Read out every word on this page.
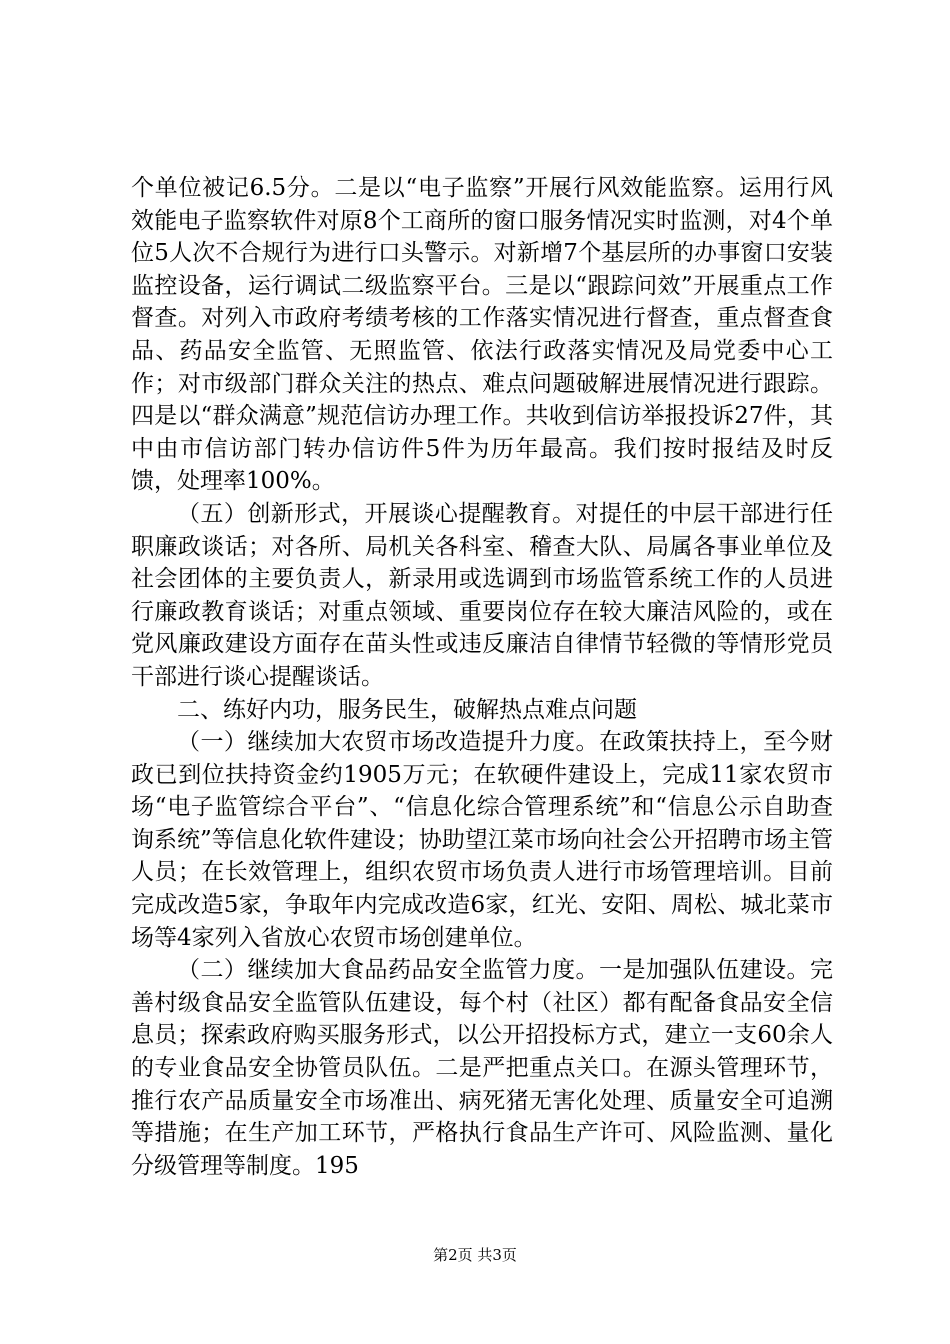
个单位被记6.5分。二是以“电子监察”开展行风效能监察。运用行风效能电子监察软件对原8个工商所的窗口服务情况实时监测，对4个单位5人次不合规行为进行口头警示。对新增7个基层所的办事窗口安装监控设备，运行调试二级监察平台。三是以“跟踪问效”开展重点工作督查。对列入市政府考绩考核的工作落实情况进行督查，重点督查食品、药品安全监管、无照监管、依法行政落实情况及局党委中心工作；对市级部门群众关注的热点、难点问题破解进展情况进行跟踪。四是以“群众满意”规范信访办理工作。共收到信访举报投诉27件，其中由市信访部门转办信访件5件为历年最高。我们按时报结及时反馈，处理率100%。

（五）创新形式，开展谈心提醒教育。对提任的中层干部进行任职廉政谈话；对各所、局机关各科室、稽查大队、局属各事业单位及社会团体的主要负责人，新录用或选调到市场监管系统工作的人员进行廉政教育谈话；对重点领域、重要岗位存在较大廉洁风险的，或在党风廉政建设方面存在苗头性或违反廉洁自律情节轻微的等情形党员干部进行谈心提醒谈话。

二、练好内功，服务民生，破解热点难点问题

（一）继续加大农贸市场改造提升力度。在政策扶持上，至今财政已到位扶持资金约1905万元；在软硬件建设上，完成11家农贸市场“电子监管综合平台”、“信息化综合管理系统”和“信息公示自助查询系统”等信息化软件建设；协助望江菜市场向社会公开招聘市场主管人员；在长效管理上，组织农贸市场负责人进行市场管理培训。目前完成改造5家，争取年内完成改造6家，红光、安阳、周松、城北菜市场等4家列入省放心农贸市场创建单位。

（二）继续加大食品药品安全监管力度。一是加强队伍建设。完善村级食品安全监管队伍建设，每个村（社区）都有配备食品安全信息员；探索政府购买服务形式，以公开招投标方式，建立一支60余人的专业食品安全协管员队伍。二是严把重点关口。在源头管理环节，推行农产品质量安全市场准出、病死猪无害化处理、质量安全可追溯等措施；在生产加工环节，严格执行食品生产许可、风险监测、量化分级管理等制度。195

第2页 共3页
